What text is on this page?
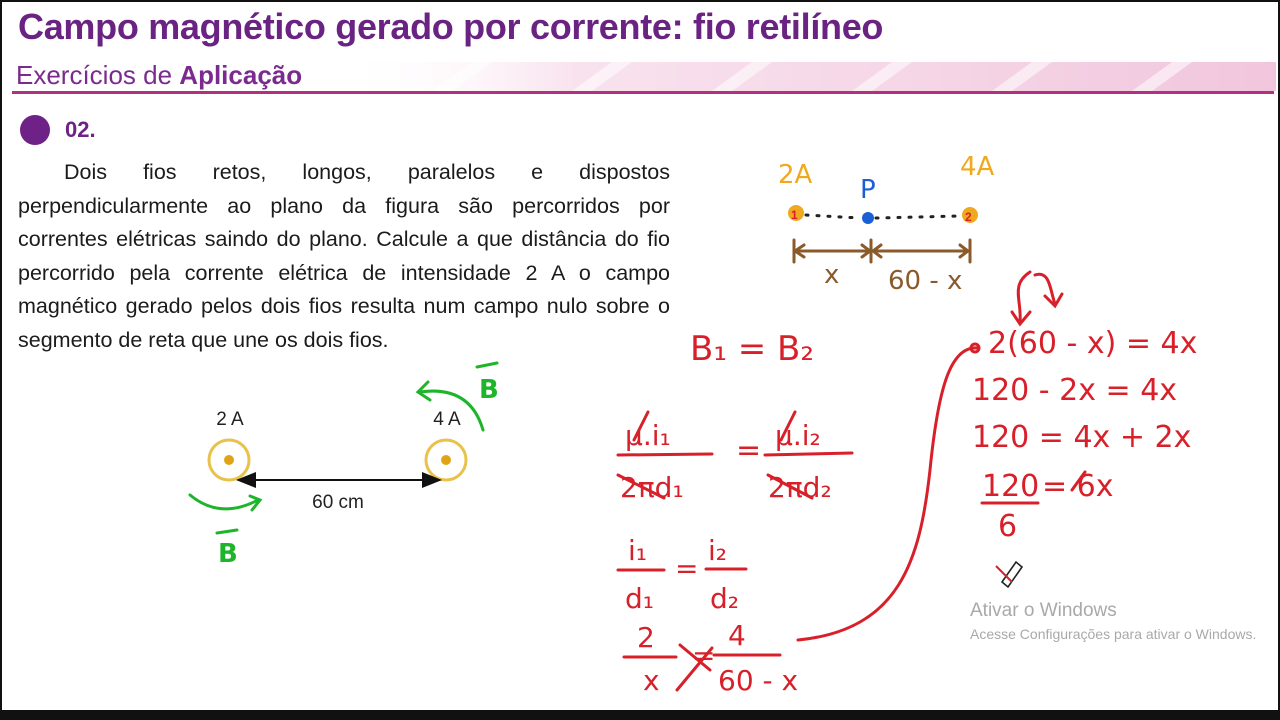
Campo magnético gerado por corrente: fio retilíneo
Exercícios de Aplicação
02.

Dois fios retos, longos, paralelos e dispostos perpendicularmente ao plano da figura são percorridos por correntes elétricas saindo do plano. Calcule a que distância do fio percorrido pela corrente elétrica de intensidade 2 A o campo magnético gerado pelos dois fios resulta num campo nulo sobre o segmento de reta que une os dois fios.

2 A	4 A
60 cm
B
B
2A	4A
P
1	2
x 60 - x
B₁ = B₂
μ.i₁
2πd₁
= μ.i₂
2πd₂
i₁
d₁
=
i₂
d₂
2
x
=
4
60 - x
2(60 - x) = 4x
120 - 2x = 4x
120 = 4x + 2x
120
6
= 6x
Ativar o Windows
Acesse Configurações para ativar o Windows.
